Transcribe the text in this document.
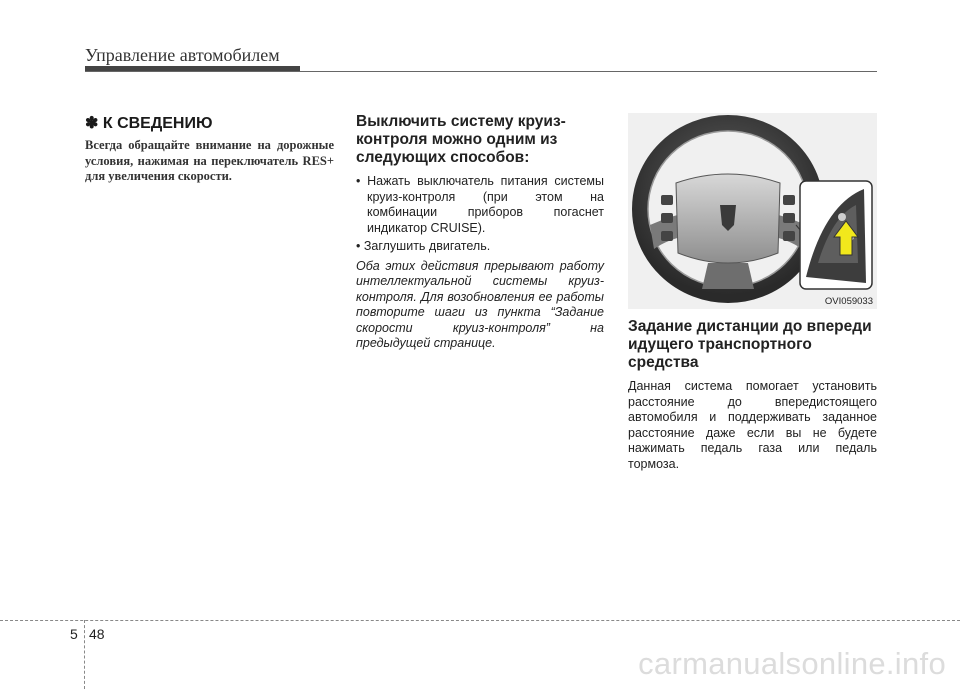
Управление автомобилем
✽ К СВЕДЕНИЮ

Всегда обращайте внимание на дорожные условия, нажимая на переключатель RES+ для увеличения скорости.

Выключить систему круиз-контроля можно одним из следующих способов:
• Нажать выключатель питания системы круиз-контроля (при этом на комбинации приборов погаснет индикатор CRUISE).
• Заглушить двигатель.

Оба этих действия прерывают работу интеллектуальной системы круиз-контроля. Для возобновления ее работы повторите шаги из пункта “Задание скорости круиз-контроля” на предыдущей странице.

OVI059033
Задание дистанции до впереди идущего транспортного средства

Данная система помогает установить расстояние до впередистоящего автомобиля и поддерживать заданное расстояние даже если вы не будете нажимать педаль газа или педаль тормоза.

5 48
carmanualsonline.info
